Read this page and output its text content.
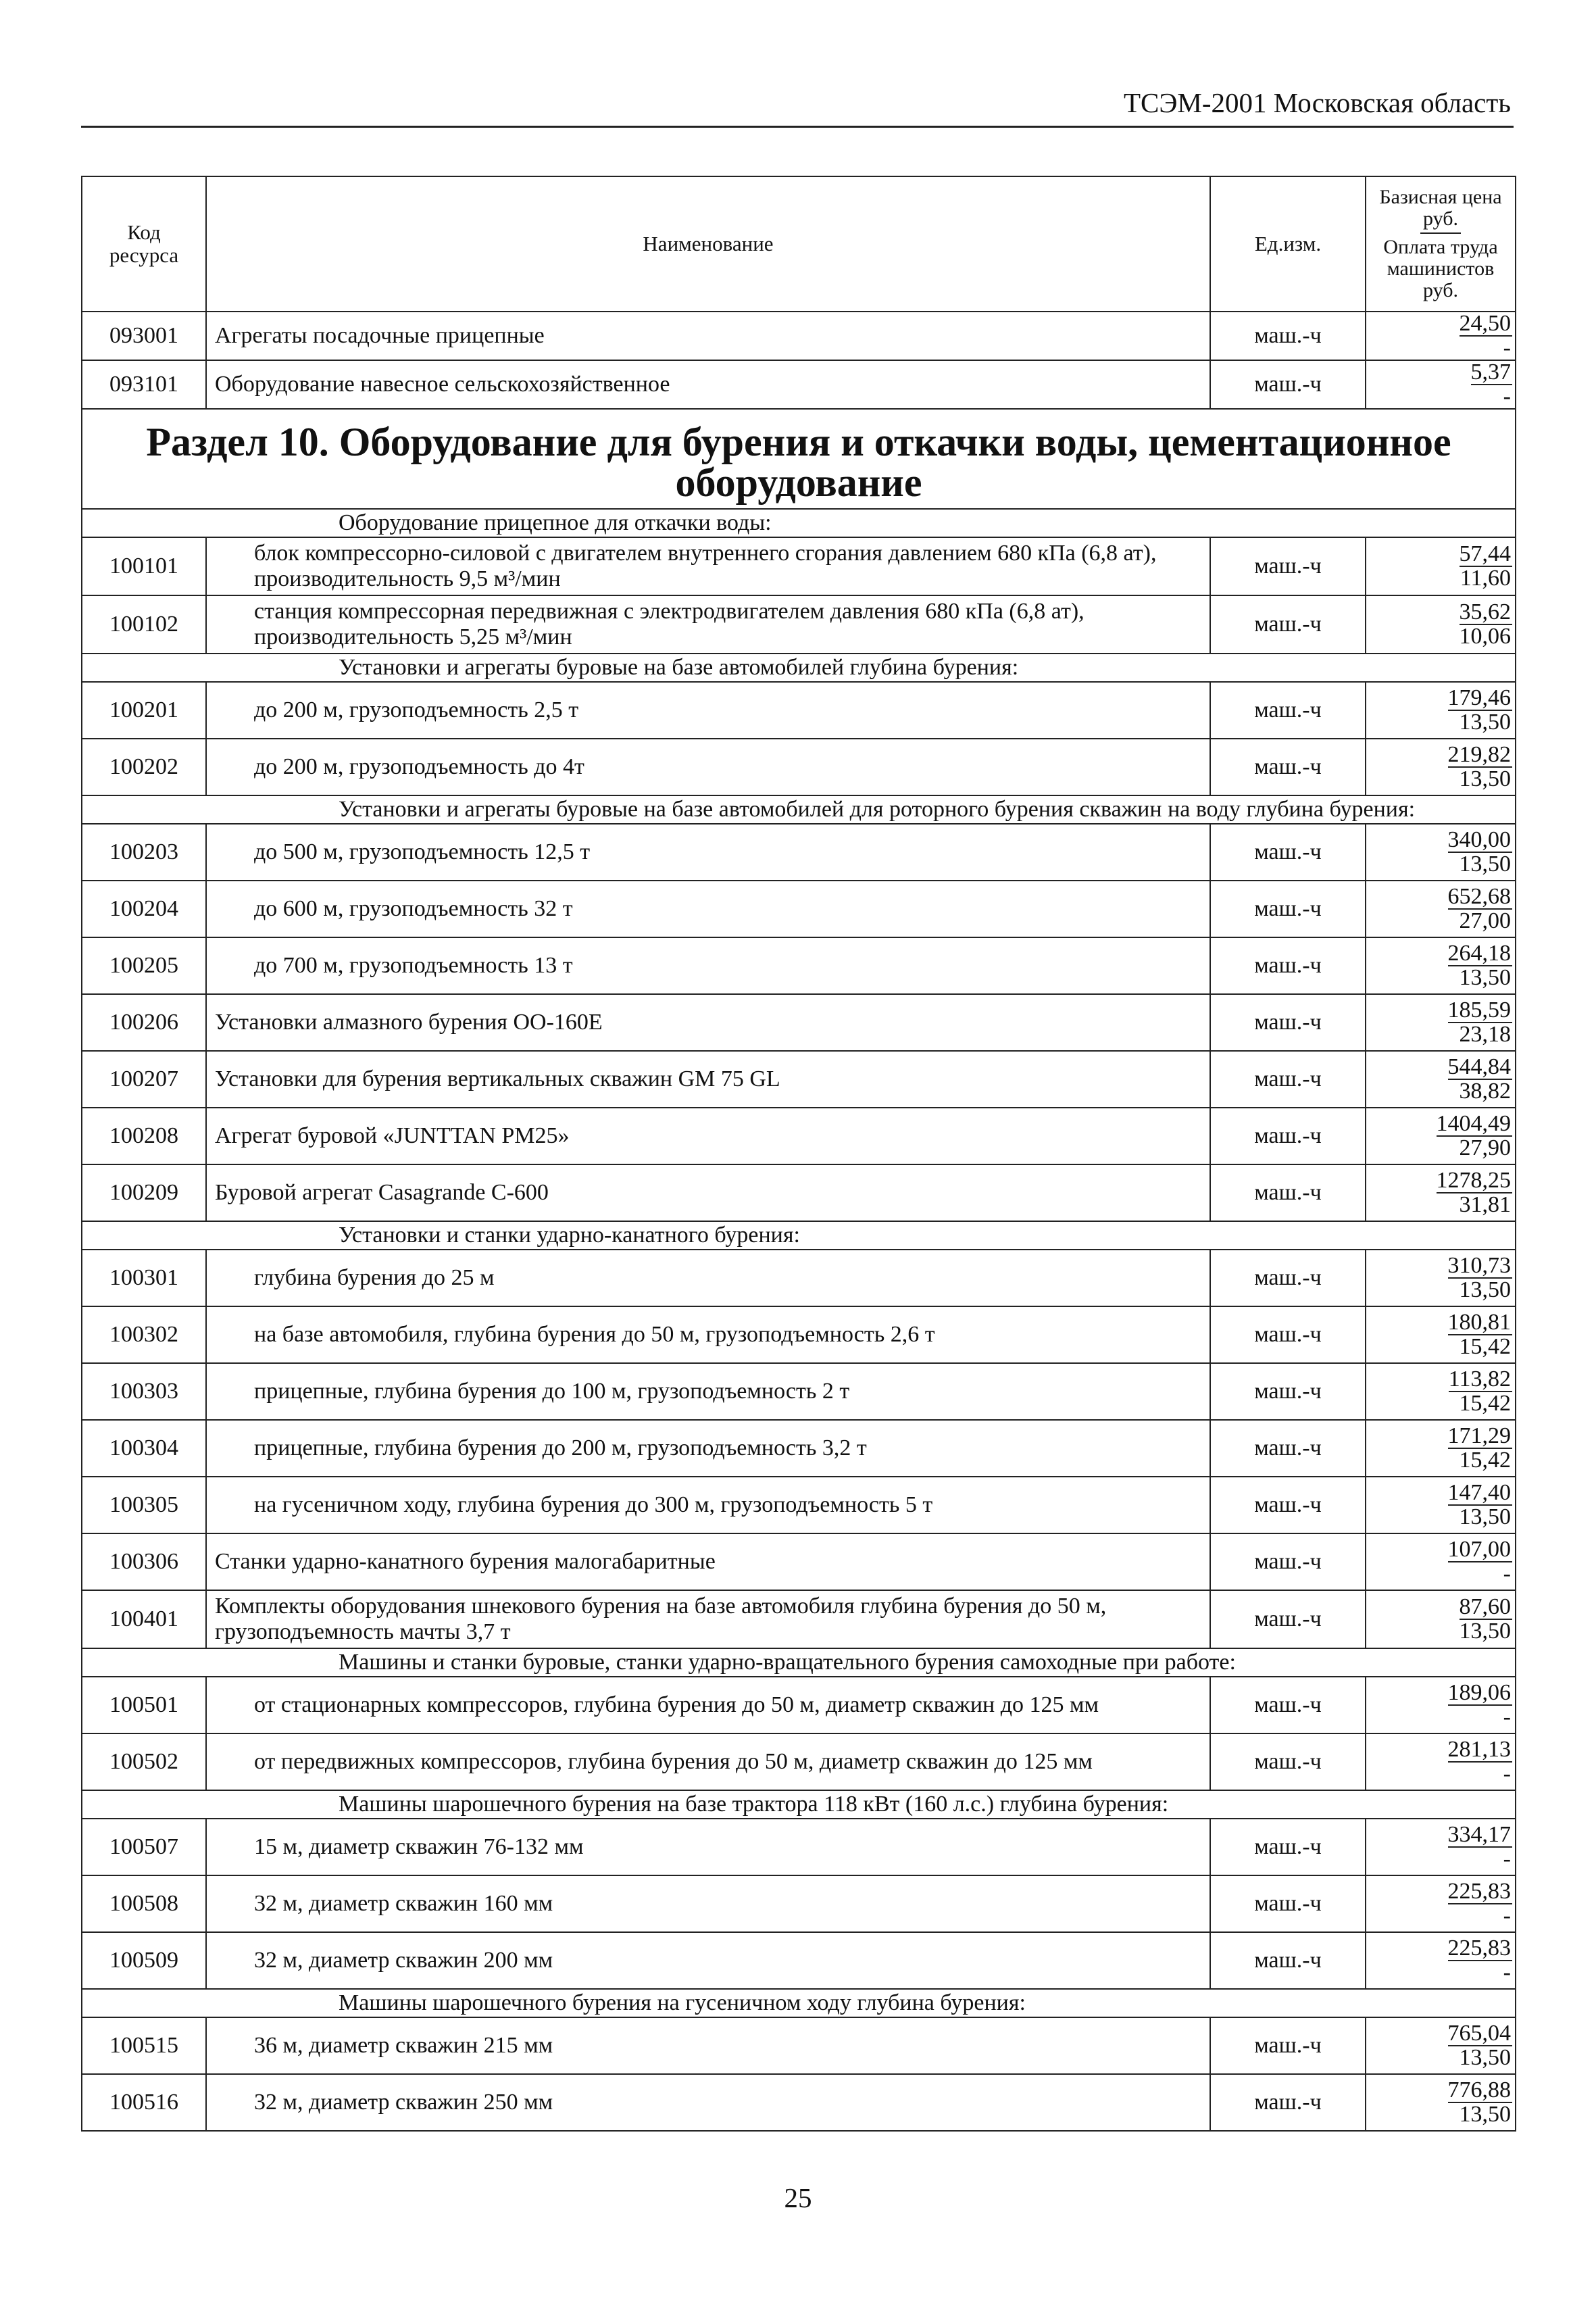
ТСЭМ-2001 Московская область
Код ресурса	Наименование	Ед.изм.	Базисная цена
руб.
Оплата труда машинистов
руб.

093001	Агрегаты посадочные прицепные	маш.-ч	24,50
-

093101	Оборудование навесное сельскохозяйственное	маш.-ч	5,37
-

Раздел 10. Оборудование для бурения и откачки воды, цементационное оборудование			
	Оборудование прицепное для откачки воды:		
100101	блок компрессорно-силовой с двигателем внутреннего сгорания давлением 680 кПа (6,8 ат), производительность 9,5 м³/мин	маш.-ч	57,44
11,60

100102	станция компрессорная передвижная с электродвигателем давления 680 кПа (6,8 ат), производительность 5,25 м³/мин	маш.-ч	35,62
10,06

	Установки и агрегаты буровые на базе автомобилей глубина бурения:		
100201	до 200 м, грузоподъемность 2,5 т	маш.-ч	179,46
13,50

100202	до 200 м, грузоподъемность до 4т	маш.-ч	219,82
13,50

	Установки и агрегаты буровые на базе автомобилей для роторного бурения скважин на воду глубина бурения:		
100203	до 500 м, грузоподъемность 12,5 т	маш.-ч	340,00
13,50

100204	до 600 м, грузоподъемность 32 т	маш.-ч	652,68
27,00

100205	до 700 м, грузоподъемность 13 т	маш.-ч	264,18
13,50

100206	Установки алмазного бурения ОО-160Е	маш.-ч	185,59
23,18

100207	Установки для бурения вертикальных скважин GM 75 GL	маш.-ч	544,84
38,82

100208	Агрегат буровой «JUNTTAN PM25»	маш.-ч	1404,49
27,90

100209	Буровой агрегат Casagrande C-600	маш.-ч	1278,25
31,81

	Установки и станки ударно-канатного бурения:		
100301	глубина бурения до 25 м	маш.-ч	310,73
13,50

100302	на базе автомобиля, глубина бурения до 50 м, грузоподъемность 2,6 т	маш.-ч	180,81
15,42

100303	прицепные, глубина бурения до 100 м, грузоподъемность 2 т	маш.-ч	113,82
15,42

100304	прицепные, глубина бурения до 200 м, грузоподъемность 3,2 т	маш.-ч	171,29
15,42

100305	на гусеничном ходу, глубина бурения до 300 м, грузоподъемность 5 т	маш.-ч	147,40
13,50

100306	Станки ударно-канатного бурения малогабаритные	маш.-ч	107,00
-

100401	Комплекты оборудования шнекового бурения на базе автомобиля глубина бурения до 50 м, грузоподъемность мачты 3,7 т	маш.-ч	87,60
13,50

	Машины и станки буровые, станки ударно-вращательного бурения самоходные при работе:		
100501	от стационарных компрессоров, глубина бурения до 50 м, диаметр скважин до 125 мм	маш.-ч	189,06
-

100502	от передвижных компрессоров, глубина бурения до 50 м, диаметр скважин до 125 мм	маш.-ч	281,13
-

	Машины шарошечного бурения на базе трактора 118 кВт (160 л.с.) глубина бурения:		
100507	15 м, диаметр скважин 76-132 мм	маш.-ч	334,17
-

100508	32 м, диаметр скважин 160 мм	маш.-ч	225,83
-

100509	32 м, диаметр скважин 200 мм	маш.-ч	225,83
-

	Машины шарошечного бурения на гусеничном ходу глубина бурения:		
100515	36 м, диаметр скважин 215 мм	маш.-ч	765,04
13,50

100516	32 м, диаметр скважин 250 мм	маш.-ч	776,88
13,50
25
